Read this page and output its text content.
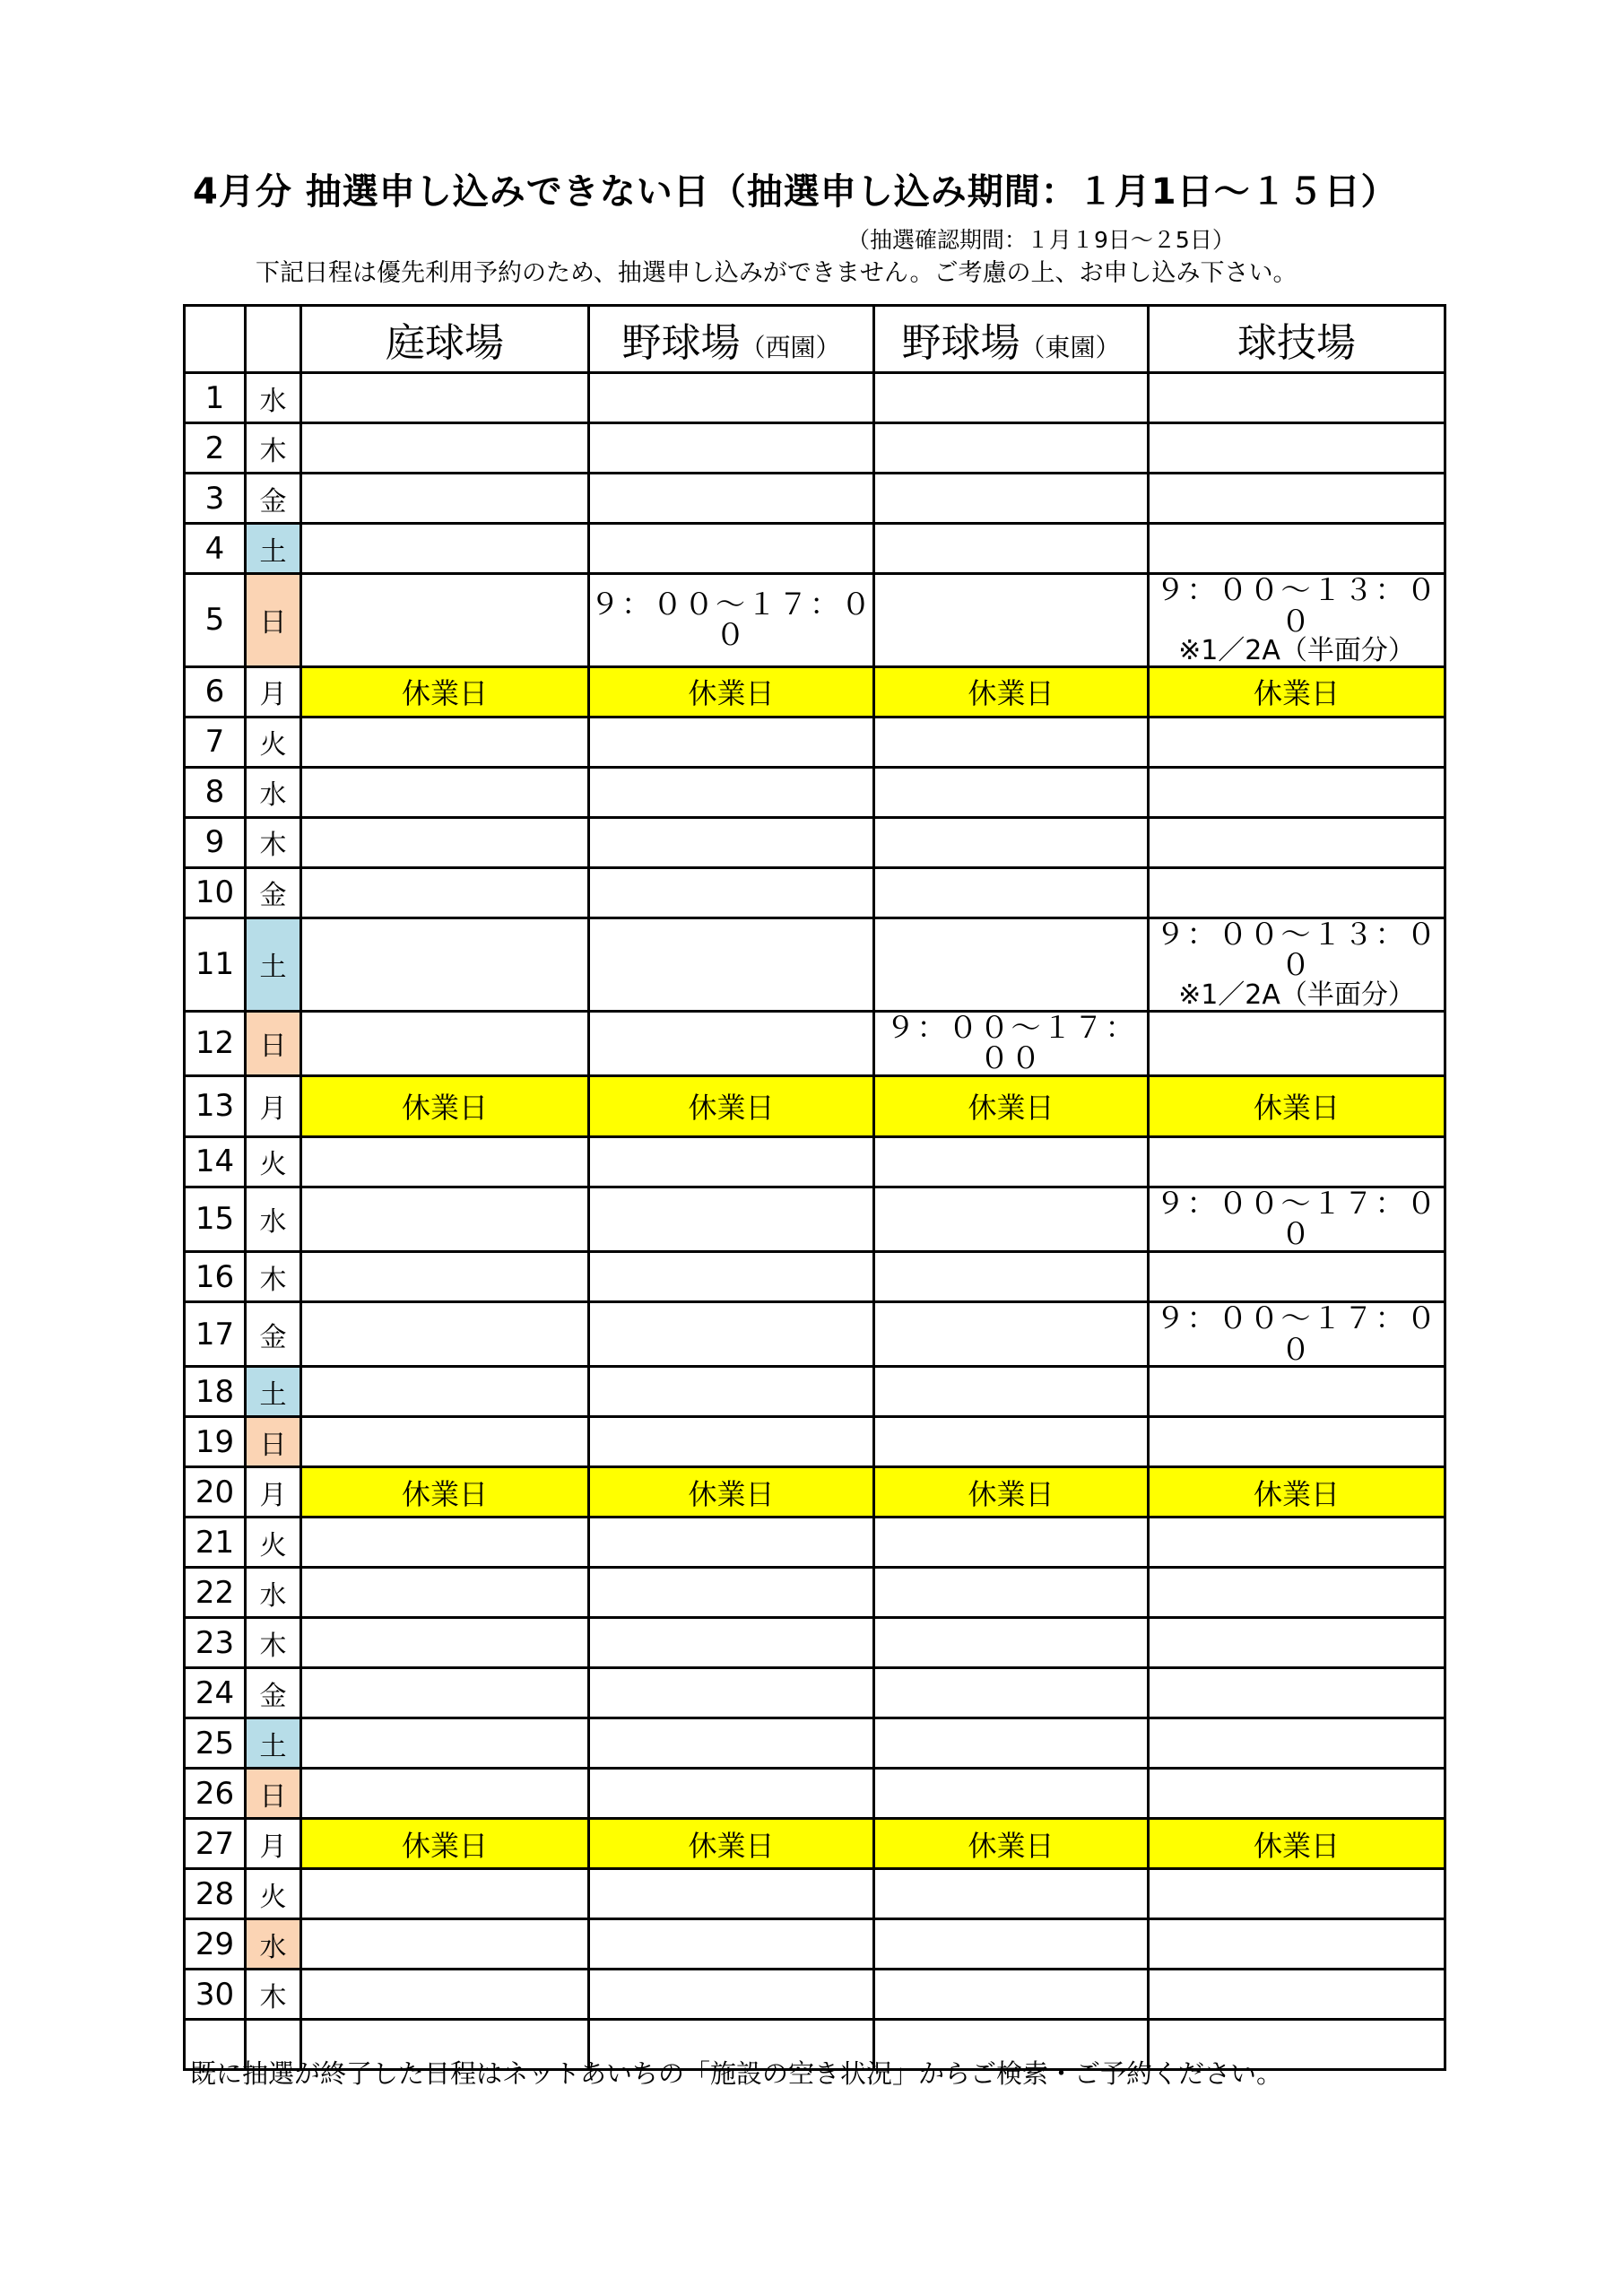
4月分 抽選申し込みできない日（抽選申し込み期間：１月1日〜１５日）
（抽選確認期間：１月１9日〜２5日）
下記日程は優先利用予約のため、抽選申し込みができません。ご考慮の上、お申し込み下さい。
		庭球場	野球場（西園）	野球場（東園）	球技場
1	水				
2	木				
3	金				
4	土				
5	日		９：００〜１７：００		９：００〜１３：００
※1／2A（半面分）

6	月	休業日	休業日	休業日	休業日
7	火				
8	水				
9	木				
10	金				
11	土				９：００〜１３：００
※1／2A（半面分）

12	日			９：００〜１７：００	
13	月	休業日	休業日	休業日	休業日
14	火				
15	水				９：００〜１７：００
16	木				
17	金				９：００〜１７：００
18	土				
19	日				
20	月	休業日	休業日	休業日	休業日
21	火				
22	水				
23	木				
24	金				
25	土				
26	日				
27	月	休業日	休業日	休業日	休業日
28	火				
29	水				
30	木				

既に抽選が終了した日程はネットあいちの「施設の空き状況」からご検索・ご予約ください。
